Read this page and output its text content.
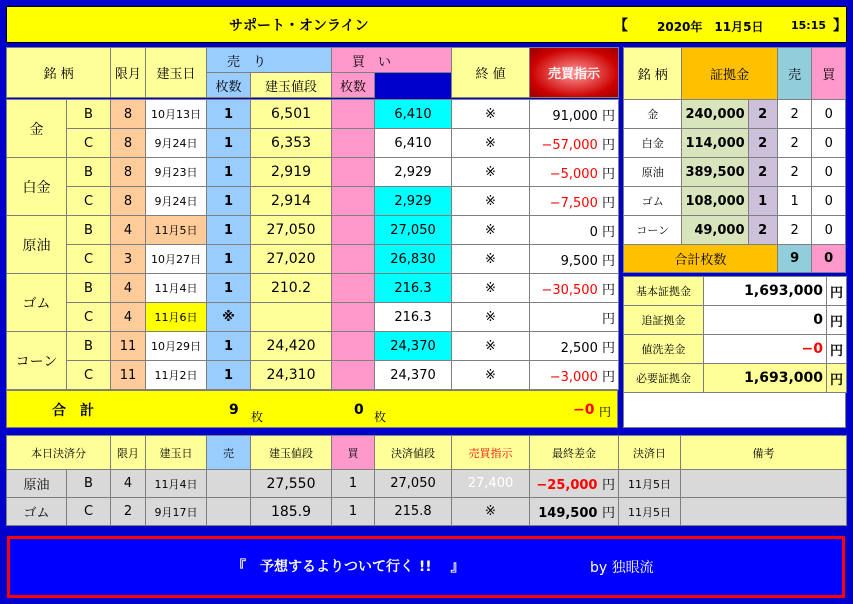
サポート・オンライン	【 2020年　11月5日	15:15 】
銘 柄	限月	建玉日	売　り		買　い	終 値	売買指示	
			枚数	建玉値段	枚数			
金	B	8	10月13日	1	6,501		6,410	※	91,000 円
	C	8	9月24日	1	6,353		6,410	※	−57,000 円
白金	B	8	9月23日	1	2,919		2,929	※	−5,000 円
	C	8	9月24日	1	2,914		2,929	※	−7,500 円
原油	B	4	11月5日	1	27,050		27,050	※	0 円
	C	3	10月27日	1	27,020		26,830	※	9,500 円
ゴム	B	4	11月4日	1	210.2		216.3	※	−30,500 円
	C	4	11月6日	※			216.3	※	円
コーン	B	11	10月29日	1	24,420		24,370	※	2,500 円
	C	11	11月2日	1	24,310		24,370	※	−3,000 円
合　計	9 枚	0 枚	−0 円
銘 柄	証拠金		売	買
金	240,000	2	2	0
白金	114,000	2	2	0
原油	389,500	2	2	0
ゴム	108,000	1	1	0
コーン	49,000	2	2	0
合計枚数			9	0
基本証拠金	1,693,000	円
追証拠金	0	円
値洗差金	−0	円
必要証拠金	1,693,000	円
本日決済分		限月	建玉日	売	建玉値段	買	決済値段	売買指示	最終差金	決済日	備考
原油	B	4	11月4日		27,550	1	27,050	27,400	−25,000 円	11月5日	
ゴム	C	2	9月17日		185.9	1	215.8	※	149,500 円	11月5日	
『　予想するよりついて行く !!　 』	by 独眼流
